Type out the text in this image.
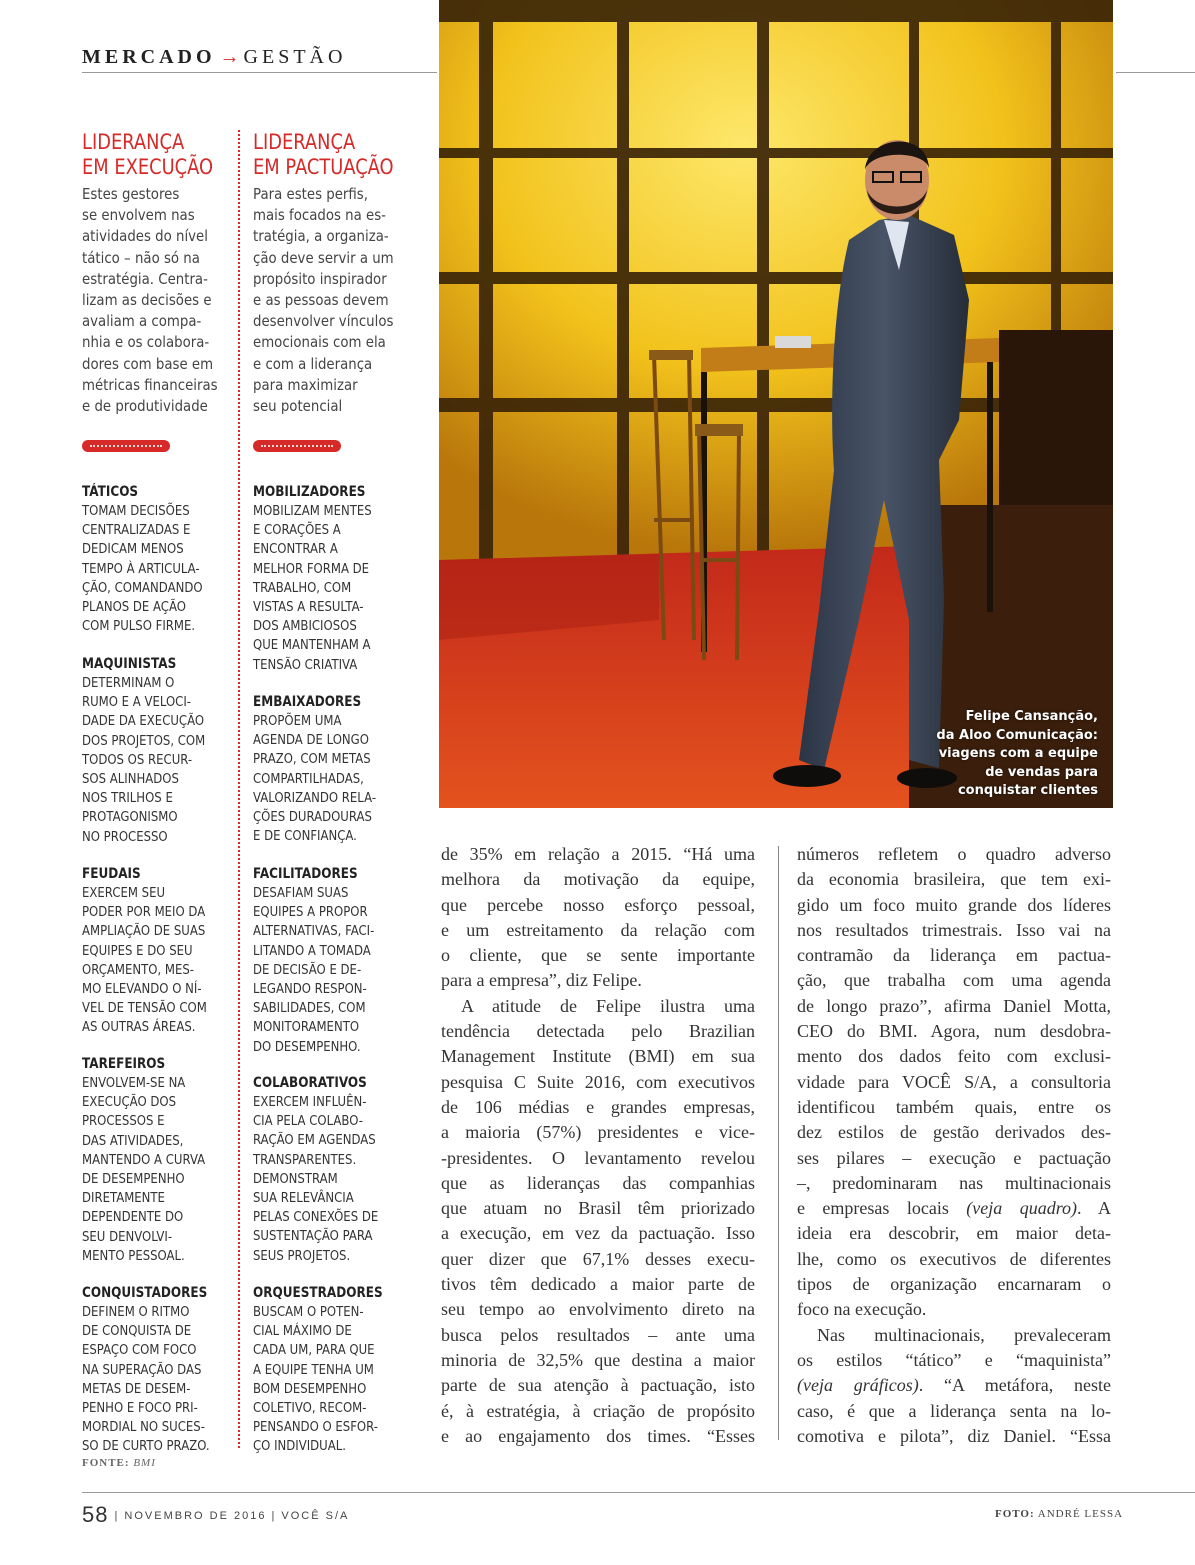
MERCADO → GESTÃO
LIDERANÇA
EM EXECUÇÃO
Estes gestores
se envolvem nas
atividades do nível
tático – não só na
estratégia. Centra-
lizam as decisões e
avaliam a compa-
nhia e os colabora-
dores com base em
métricas financeiras
e de produtividade
TÁTICOS
TOMAM DECISÕES
CENTRALIZADAS E
DEDICAM MENOS
TEMPO À ARTICULA-
ÇÃO, COMANDANDO
PLANOS DE AÇÃO
COM PULSO FIRME.
MAQUINISTAS
DETERMINAM O
RUMO E A VELOCI-
DADE DA EXECUÇÃO
DOS PROJETOS, COM
TODOS OS RECUR-
SOS ALINHADOS
NOS TRILHOS E
PROTAGONISMO
NO PROCESSO
FEUDAIS
EXERCEM SEU
PODER POR MEIO DA
AMPLIAÇÃO DE SUAS
EQUIPES E DO SEU
ORÇAMENTO, MES-
MO ELEVANDO O NÍ-
VEL DE TENSÃO COM
AS OUTRAS ÁREAS.
TAREFEIROS
ENVOLVEM-SE NA
EXECUÇÃO DOS
PROCESSOS E
DAS ATIVIDADES,
MANTENDO A CURVA
DE DESEMPENHO
DIRETAMENTE
DEPENDENTE DO
SEU DENVOLVI-
MENTO PESSOAL.
CONQUISTADORES
DEFINEM O RITMO
DE CONQUISTA DE
ESPAÇO COM FOCO
NA SUPERAÇÃO DAS
METAS DE DESEM-
PENHO E FOCO PRI-
MORDIAL NO SUCES-
SO DE CURTO PRAZO.
LIDERANÇA
EM PACTUAÇÃO
Para estes perfis,
mais focados na es-
tratégia, a organiza-
ção deve servir a um
propósito inspirador
e as pessoas devem
desenvolver vínculos
emocionais com ela
e com a liderança
para maximizar
seu potencial
MOBILIZADORES
MOBILIZAM MENTES
E CORAÇÕES A
ENCONTRAR A
MELHOR FORMA DE
TRABALHO, COM
VISTAS A RESULTA-
DOS AMBICIOSOS
QUE MANTENHAM A
TENSÃO CRIATIVA
EMBAIXADORES
PROPÕEM UMA
AGENDA DE LONGO
PRAZO, COM METAS
COMPARTILHADAS,
VALORIZANDO RELA-
ÇÕES DURADOURAS
E DE CONFIANÇA.
FACILITADORES
DESAFIAM SUAS
EQUIPES A PROPOR
ALTERNATIVAS, FACI-
LITANDO A TOMADA
DE DECISÃO E DE-
LEGANDO RESPON-
SABILIDADES, COM
MONITORAMENTO
DO DESEMPENHO.
COLABORATIVOS
EXERCEM INFLUÊN-
CIA PELA COLABO-
RAÇÃO EM AGENDAS
TRANSPARENTES.
DEMONSTRAM
SUA RELEVÂNCIA
PELAS CONEXÕES DE
SUSTENTAÇÃO PARA
SEUS PROJETOS.
ORQUESTRADORES
BUSCAM O POTEN-
CIAL MÁXIMO DE
CADA UM, PARA QUE
A EQUIPE TENHA UM
BOM DESEMPENHO
COLETIVO, RECOM-
PENSANDO O ESFOR-
ÇO INDIVIDUAL.
FONTE: BMI
Felipe Cansanção,
da Aloo Comunicação:
viagens com a equipe
de vendas para
conquistar clientes
de 35% em relação a 2015. “Há uma
melhora da motivação da equipe,
que percebe nosso esforço pessoal,
e um estreitamento da relação com
o cliente, que se sente importante
para a empresa”, diz Felipe.
A atitude de Felipe ilustra uma
tendência detectada pelo Brazilian
Management Institute (BMI) em sua
pesquisa C Suite 2016, com executivos
de 106 médias e grandes empresas,
a maioria (57%) presidentes e vice-
-presidentes. O levantamento revelou
que as lideranças das companhias
que atuam no Brasil têm priorizado
a execução, em vez da pactuação. Isso
quer dizer que 67,1% desses execu-
tivos têm dedicado a maior parte de
seu tempo ao envolvimento direto na
busca pelos resultados – ante uma
minoria de 32,5% que destina a maior
parte de sua atenção à pactuação, isto
é, à estratégia, à criação de propósito
e ao engajamento dos times. “Esses
números refletem o quadro adverso
da economia brasileira, que tem exi-
gido um foco muito grande dos líderes
nos resultados trimestrais. Isso vai na
contramão da liderança em pactua-
ção, que trabalha com uma agenda
de longo prazo”, afirma Daniel Motta,
CEO do BMI. Agora, num desdobra-
mento dos dados feito com exclusi-
vidade para VOCÊ S/A, a consultoria
identificou também quais, entre os
dez estilos de gestão derivados des-
ses pilares – execução e pactuação
–, predominaram nas multinacionais
e empresas locais (veja quadro). A
ideia era descobrir, em maior deta-
lhe, como os executivos de diferentes
tipos de organização encarnaram o
foco na execução.
Nas multinacionais, prevaleceram
os estilos “tático” e “maquinista”
(veja gráficos). “A metáfora, neste
caso, é que a liderança senta na lo-
comotiva e pilota”, diz Daniel. “Essa
58 | NOVEMBRO DE 2016 | VOCÊ S/A	FOTO: ANDRÉ LESSA
